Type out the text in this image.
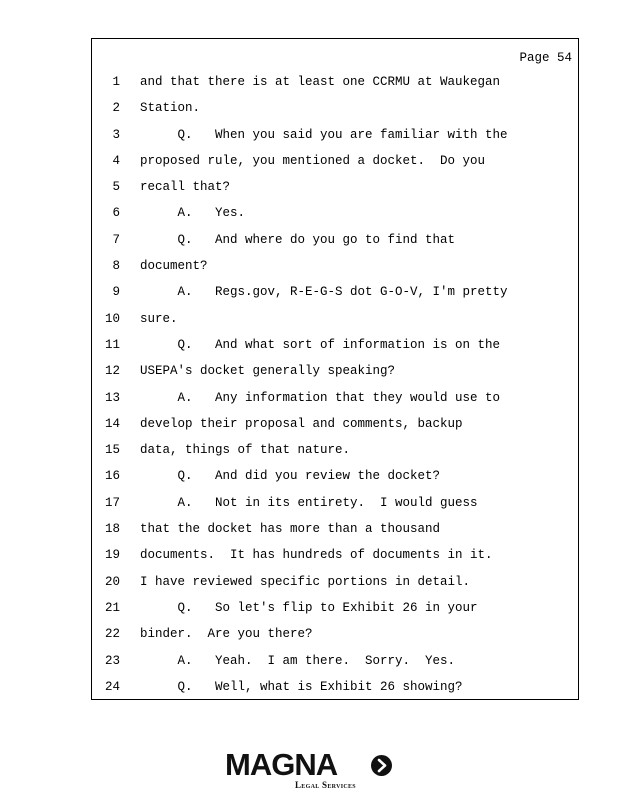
Page 54
1 and that there is at least one CCRMU at Waukegan
2 Station.
3 Q.   When you said you are familiar with the
4 proposed rule, you mentioned a docket.  Do you
5 recall that?
6 A.   Yes.
7 Q.   And where do you go to find that
8 document?
9 A.   Regs.gov, R-E-G-S dot G-O-V, I'm pretty
10 sure.
11 Q.   And what sort of information is on the
12 USEPA's docket generally speaking?
13 A.   Any information that they would use to
14 develop their proposal and comments, backup
15 data, things of that nature.
16 Q.   And did you review the docket?
17 A.   Not in its entirety.  I would guess
18 that the docket has more than a thousand
19 documents.  It has hundreds of documents in it.
20 I have reviewed specific portions in detail.
21 Q.   So let's flip to Exhibit 26 in your
22 binder.  Are you there?
23 A.   Yeah.  I am there.  Sorry.  Yes.
24 Q.   Well, what is Exhibit 26 showing?
MAGNA
Legal Services
